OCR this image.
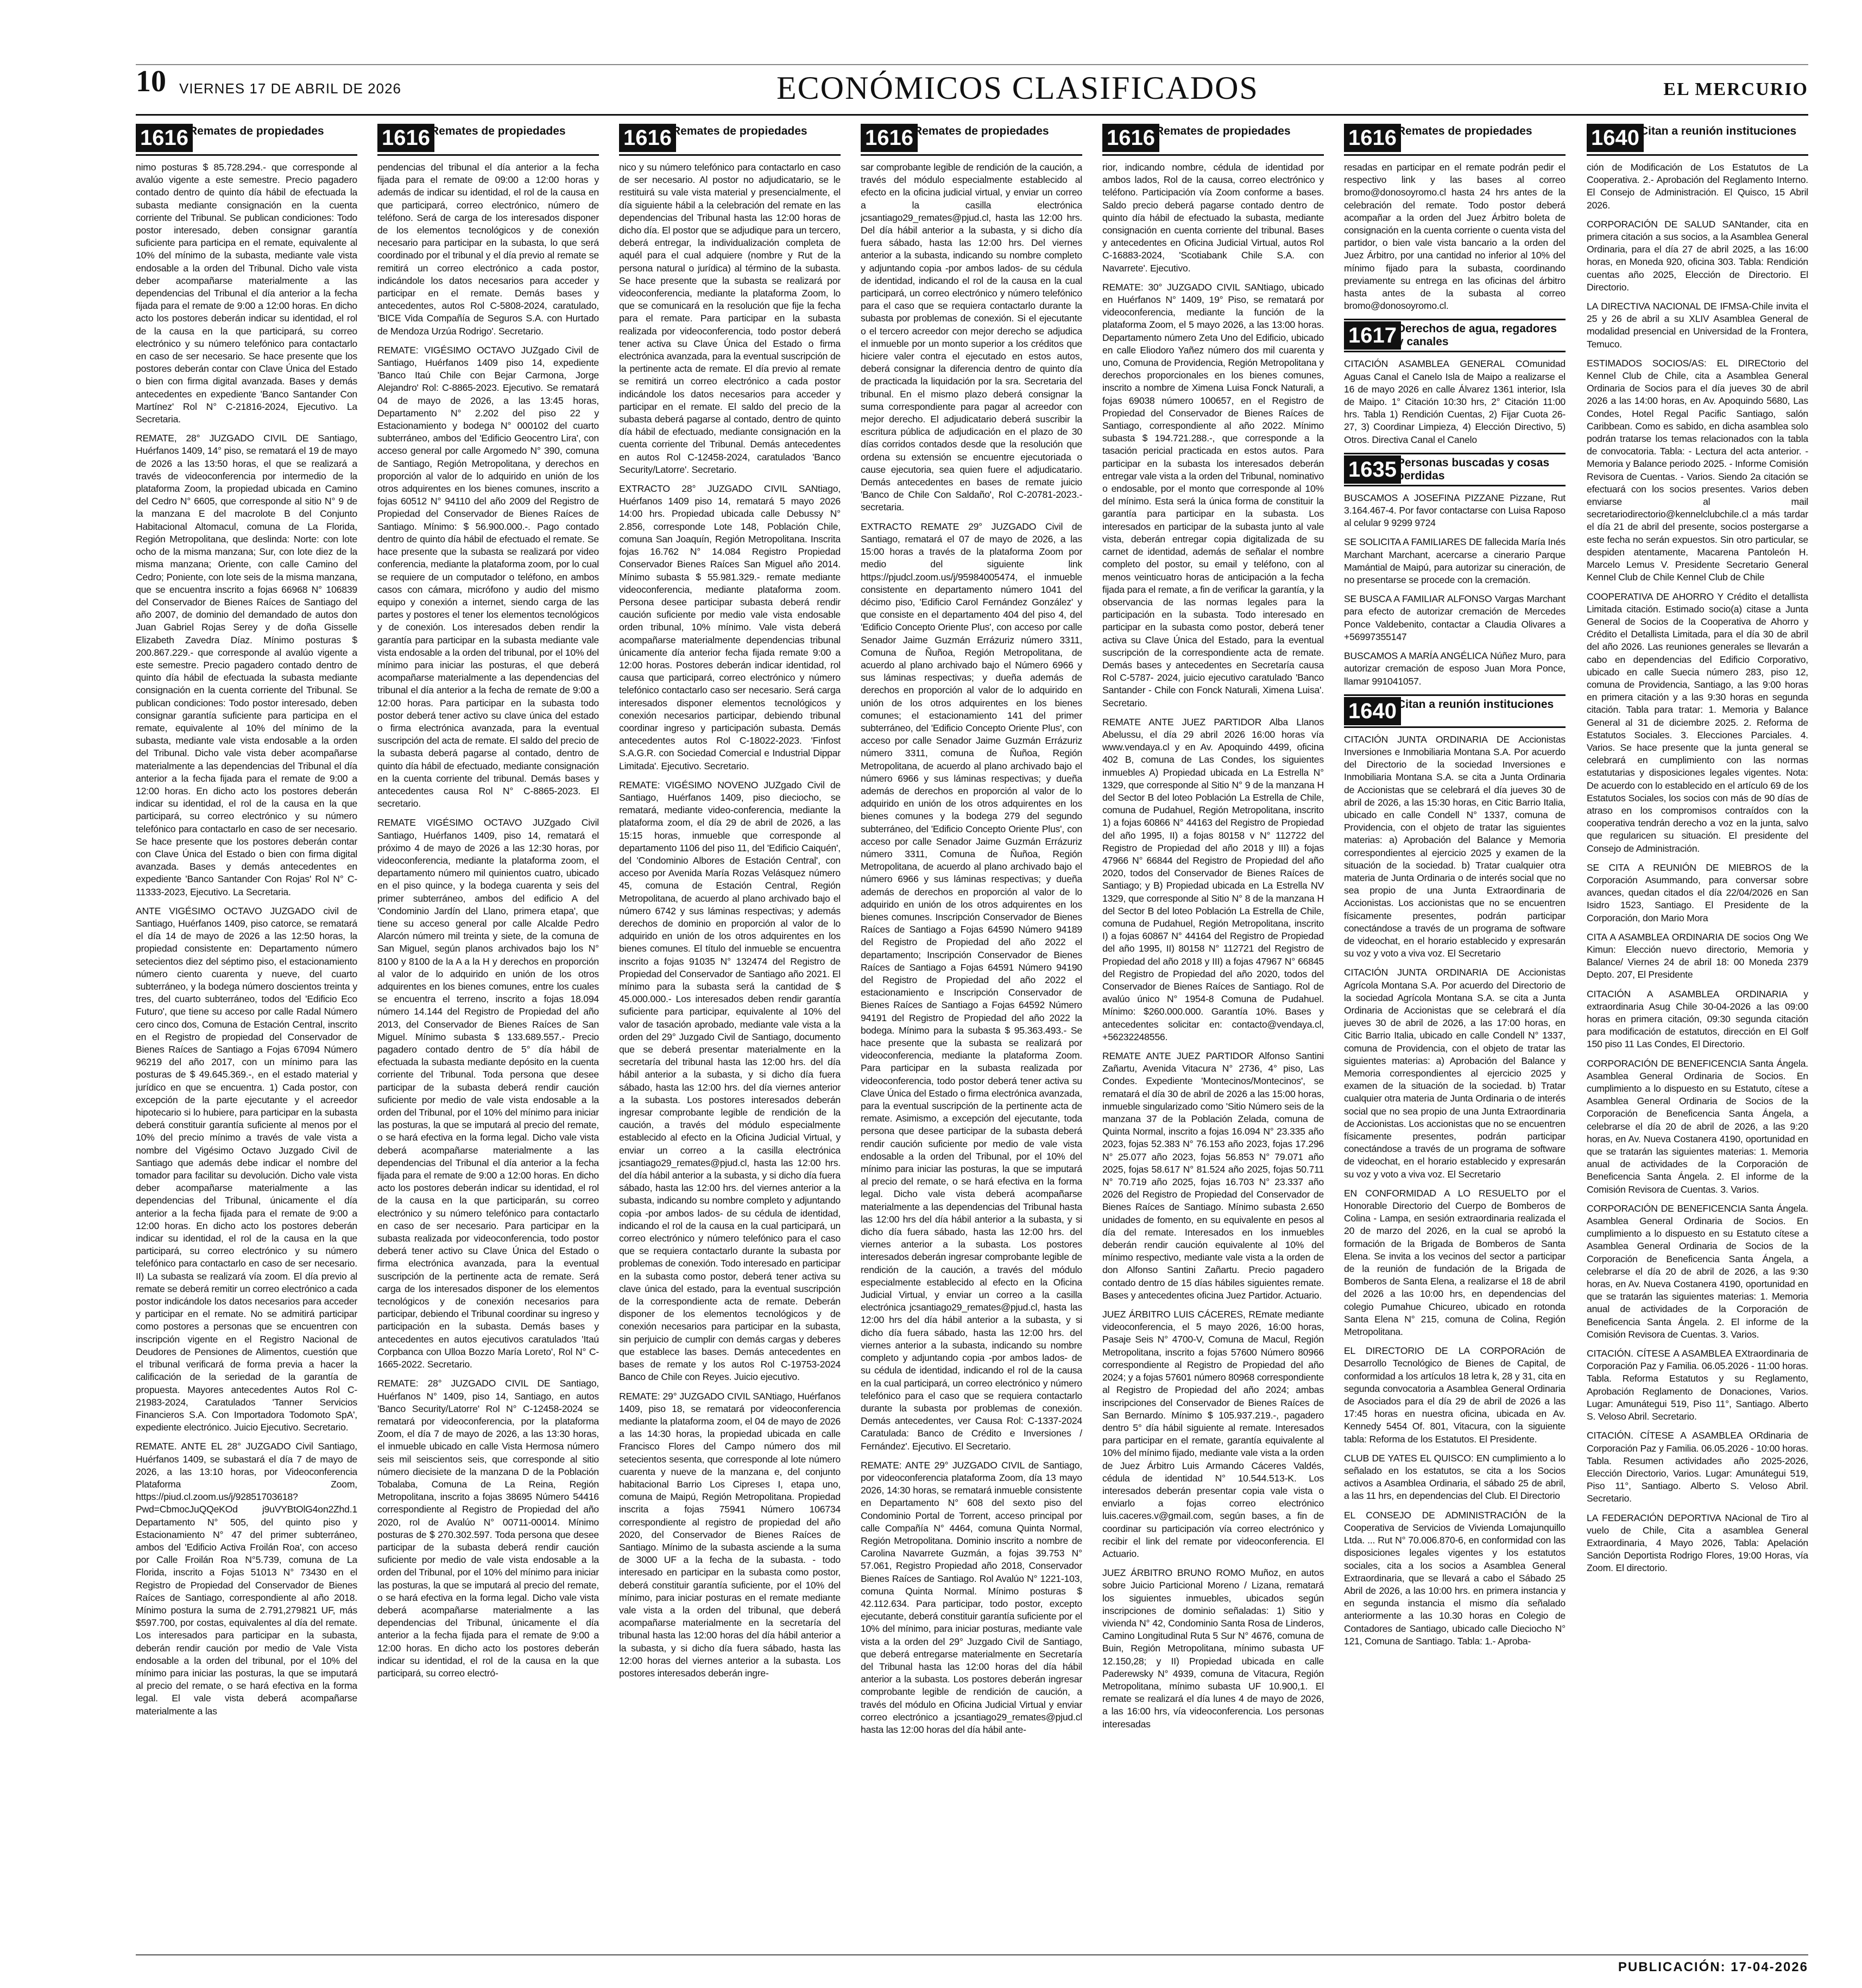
10 VIERNES 17 DE ABRIL DE 2026	ECONÓMICOS CLASIFICADOS	EL MERCURIO
1616 Remates de propiedades

nimo posturas $ 85.728.294.- que corresponde al avalúo vigente a este semestre. Precio pagadero contado dentro de quinto día hábil de efectuada la subasta mediante consignación en la cuenta corriente del Tribunal. Se publican condiciones: Todo postor interesado, deben consignar garantía suficiente para participa en el remate, equivalente al 10% del mínimo de la subasta, mediante vale vista endosable a la orden del Tribunal. Dicho vale vista deber acompañarse materialmente a las dependencias del Tribunal el día anterior a la fecha fijada para el remate de 9:00 a 12:00 horas. En dicho acto los postores deberán indicar su identidad, el rol de la causa en la que participará, su correo electrónico y su número telefónico para contactarlo en caso de ser necesario. Se hace presente que los postores deberán contar con Clave Única del Estado o bien con firma digital avanzada. Bases y demás antecedentes en expediente 'Banco Santander Con Martínez' Rol N° C-21816-2024, Ejecutivo. La Secretaria.

REMATE, 28° JUZGADO CIVIL DE Santiago, Huérfanos 1409, 14° piso, se rematará el 19 de mayo de 2026 a las 13:50 horas, el que se realizará a través de videoconferencia por intermedio de la plataforma Zoom, la propiedad ubicada en Camino del Cedro N° 6605, que corresponde al sitio N° 9 de la manzana E del macrolote B del Conjunto Habitacional Altomacul, comuna de La Florida, Región Metropolitana, que deslinda: Norte: con lote ocho de la misma manzana; Sur, con lote diez de la misma manzana; Oriente, con calle Camino del Cedro; Poniente, con lote seis de la misma manzana, que se encuentra inscrito a fojas 66968 N° 106839 del Conservador de Bienes Raíces de Santiago del año 2007, de dominio del demandado de autos don Juan Gabriel Rojas Serey y de doña Gisselle Elizabeth Zavedra Díaz. Mínimo posturas $ 200.867.229.- que corresponde al avalúo vigente a este semestre. Precio pagadero contado dentro de quinto día hábil de efectuada la subasta mediante consignación en la cuenta corriente del Tribunal. Se publican condiciones: Todo postor interesado, deben consignar garantía suficiente para participa en el remate, equivalente al 10% del mínimo de la subasta, mediante vale vista endosable a la orden del Tribunal. Dicho vale vista deber acompañarse materialmente a las dependencias del Tribunal el día anterior a la fecha fijada para el remate de 9:00 a 12:00 horas. En dicho acto los postores deberán indicar su identidad, el rol de la causa en la que participará, su correo electrónico y su número telefónico para contactarlo en caso de ser necesario. Se hace presente que los postores deberán contar con Clave Única del Estado o bien con firma digital avanzada. Bases y demás antecedentes en expediente 'Banco Santander Con Rojas' Rol N° C-11333-2023, Ejecutivo. La Secretaria.

ANTE VIGÉSIMO OCTAVO JUZGADO civil de Santiago, Huérfanos 1409, piso catorce, se rematará el día 14 de mayo de 2026 a las 12:50 horas, la propiedad consistente en: Departamento número setecientos diez del séptimo piso, el estacionamiento número ciento cuarenta y nueve, del cuarto subterráneo, y la bodega número doscientos treinta y tres, del cuarto subterráneo, todos del 'Edificio Eco Futuro', que tiene su acceso por calle Radal Número cero cinco dos, Comuna de Estación Central, inscrito en el Registro de propiedad del Conservador de Bienes Raíces de Santiago a Fojas 67094 Número 96219 del año 2017, con un mínimo para las posturas de $ 49.645.369.-, en el estado material y jurídico en que se encuentra. 1) Cada postor, con excepción de la parte ejecutante y el acreedor hipotecario si lo hubiere, para participar en la subasta deberá constituir garantía suficiente al menos por el 10% del precio mínimo a través de vale vista a nombre del Vigésimo Octavo Juzgado Civil de Santiago que además debe indicar el nombre del tomador para facilitar su devolución. Dicho vale vista deber acompañarse materialmente a las dependencias del Tribunal, únicamente el día anterior a la fecha fijada para el remate de 9:00 a 12:00 horas. En dicho acto los postores deberán indicar su identidad, el rol de la causa en la que participará, su correo electrónico y su número telefónico para contactarlo en caso de ser necesario. II) La subasta se realizará vía zoom. El día previo al remate se deberá remitir un correo electrónico a cada postor indicándole los datos necesarios para acceder y participar en el remate. No se admitirá participar como postores a personas que se encuentren con inscripción vigente en el Registro Nacional de Deudores de Pensiones de Alimentos, cuestión que el tribunal verificará de forma previa a hacer la calificación de la seriedad de la garantía de propuesta. Mayores antecedentes Autos Rol C-21983-2024, Caratulados 'Tanner Servicios Financieros S.A. Con Importadora Todomoto SpA', expediente electrónico. Juicio Ejecutivo. Secretario.

REMATE. ANTE EL 28° JUZGADO Civil Santiago, Huérfanos 1409, se subastará el día 7 de mayo de 2026, a las 13:10 horas, por Videoconferencia Plataforma Zoom, https://piud.cl.zoom.us/j/92851703618? Pwd=CbmocJuQQeKOd j9uVYBtOlG4on2Zhd.1 Departamento N° 505, del quinto piso y Estacionamiento N° 47 del primer subterráneo, ambos del 'Edificio Activa Froilán Roa', con acceso por Calle Froilán Roa N°5.739, comuna de La Florida, inscrito a Fojas 51013 N° 73430 en el Registro de Propiedad del Conservador de Bienes Raíces de Santiago, correspondiente al año 2018. Mínimo postura la suma de 2.791,279821 UF, más $597.700, por costas, equivalentes al día del remate. Los interesados para participar en la subasta, deberán rendir caución por medio de Vale Vista endosable a la orden del tribunal, por el 10% del mínimo para iniciar las posturas, la que se imputará al precio del remate, o se hará efectiva en la forma legal. El vale vista deberá acompañarse materialmente a las

1616 Remates de propiedades

pendencias del tribunal el día anterior a la fecha fijada para el remate de 09:00 a 12:00 horas y además de indicar su identidad, el rol de la causa en que participará, correo electrónico, número de teléfono. Será de carga de los interesados disponer de los elementos tecnológicos y de conexión necesario para participar en la subasta, lo que será coordinado por el tribunal y el día previo al remate se remitirá un correo electrónico a cada postor, indicándole los datos necesarios para acceder y participar en el remate. Demás bases y antecedentes, autos Rol C-5808-2024, caratulado, 'BICE Vida Compañía de Seguros S.A. con Hurtado de Mendoza Urzúa Rodrigo'. Secretario.

REMATE: VIGÉSIMO OCTAVO JUZgado Civil de Santiago, Huérfanos 1409 piso 14, expediente 'Banco Itaú Chile con Bejar Carmona, Jorge Alejandro' Rol: C-8865-2023. Ejecutivo. Se rematará 04 de mayo de 2026, a las 13:45 horas, Departamento N° 2.202 del piso 22 y Estacionamiento y bodega N° 000102 del cuarto subterráneo, ambos del 'Edificio Geocentro Lira', con acceso general por calle Argomedo N° 390, comuna de Santiago, Región Metropolitana, y derechos en proporción al valor de lo adquirido en unión de los otros adquirentes en los bienes comunes, inscrito a fojas 60512 N° 94110 del año 2009 del Registro de Propiedad del Conservador de Bienes Raíces de Santiago. Mínimo: $ 56.900.000.-. Pago contado dentro de quinto día hábil de efectuado el remate. Se hace presente que la subasta se realizará por video conferencia, mediante la plataforma zoom, por lo cual se requiere de un computador o teléfono, en ambos casos con cámara, micrófono y audio del mismo equipo y conexión a internet, siendo carga de las partes y postores el tener los elementos tecnológicos y de conexión. Los interesados deben rendir la garantía para participar en la subasta mediante vale vista endosable a la orden del tribunal, por el 10% del mínimo para iniciar las posturas, el que deberá acompañarse materialmente a las dependencias del tribunal el día anterior a la fecha de remate de 9:00 a 12:00 horas. Para participar en la subasta todo postor deberá tener activo su clave única del estado o firma electrónica avanzada, para la eventual suscripción del acta de remate. El saldo del precio de la subasta deberá pagarse al contado, dentro de quinto día hábil de efectuado, mediante consignación en la cuenta corriente del tribunal. Demás bases y antecedentes causa Rol N° C-8865-2023. El secretario.

REMATE VIGÉSIMO OCTAVO JUZgado Civil Santiago, Huérfanos 1409, piso 14, rematará el próximo 4 de mayo de 2026 a las 12:30 horas, por videoconferencia, mediante la plataforma zoom, el departamento número mil quinientos cuatro, ubicado en el piso quince, y la bodega cuarenta y seis del primer subterráneo, ambos del edificio A del 'Condominio Jardín del Llano, primera etapa', que tiene su acceso general por calle Alcalde Pedro Alarcón número mil treinta y siete, de la comuna de San Miguel, según planos archivados bajo los N° 8100 y 8100 de la A a la H y derechos en proporción al valor de lo adquirido en unión de los otros adquirentes en los bienes comunes, entre los cuales se encuentra el terreno, inscrito a fojas 18.094 número 14.144 del Registro de Propiedad del año 2013, del Conservador de Bienes Raíces de San Miguel. Mínimo subasta $ 133.689.557.- Precio pagadero contado dentro de 5° día hábil de efectuada la subasta mediante depósito en la cuenta corriente del Tribunal. Toda persona que desee participar de la subasta deberá rendir caución suficiente por medio de vale vista endosable a la orden del Tribunal, por el 10% del mínimo para iniciar las posturas, la que se imputará al precio del remate, o se hará efectiva en la forma legal. Dicho vale vista deberá acompañarse materialmente a las dependencias del Tribunal el día anterior a la fecha fijada para el remate de 9:00 a 12:00 horas. En dicho acto los postores deberán indicar su identidad, el rol de la causa en la que participarán, su correo electrónico y su número telefónico para contactarlo en caso de ser necesario. Para participar en la subasta realizada por videoconferencia, todo postor deberá tener activo su Clave Única del Estado o firma electrónica avanzada, para la eventual suscripción de la pertinente acta de remate. Será carga de los interesados disponer de los elementos tecnológicos y de conexión necesarios para participar, debiendo el Tribunal coordinar su ingreso y participación en la subasta. Demás bases y antecedentes en autos ejecutivos caratulados 'Itaú Corpbanca con Ulloa Bozzo María Loreto', Rol N° C-1665-2022. Secretario.

REMATE: 28° JUZGADO CIVIL DE Santiago, Huérfanos N° 1409, piso 14, Santiago, en autos 'Banco Security/Latorre' Rol N° C-12458-2024 se rematará por videoconferencia, por la plataforma Zoom, el día 7 de mayo de 2026, a las 13:30 horas, el inmueble ubicado en calle Vista Hermosa número seis mil seiscientos seis, que corresponde al sitio número diecisiete de la manzana D de la Población Tobalaba, Comuna de La Reina, Región Metropolitana, inscrito a fojas 38695 Número 54416 correspondiente al Registro de Propiedad del año 2020, rol de Avalúo N° 00711-00014. Mínimo posturas de $ 270.302.597. Toda persona que desee participar de la subasta deberá rendir caución suficiente por medio de vale vista endosable a la orden del Tribunal, por el 10% del mínimo para iniciar las posturas, la que se imputará al precio del remate, o se hará efectiva en la forma legal. Dicho vale vista deberá acompañarse materialmente a las dependencias del Tribunal, únicamente el día anterior a la fecha fijada para el remate de 9:00 a 12:00 horas. En dicho acto los postores deberán indicar su identidad, el rol de la causa en la que participará, su correo electró-

1616 Remates de propiedades

nico y su número telefónico para contactarlo en caso de ser necesario. Al postor no adjudicatario, se le restituirá su vale vista material y presencialmente, el día siguiente hábil a la celebración del remate en las dependencias del Tribunal hasta las 12:00 horas de dicho día. El postor que se adjudique para un tercero, deberá entregar, la individualización completa de aquél para el cual adquiere (nombre y Rut de la persona natural o jurídica) al término de la subasta. Se hace presente que la subasta se realizará por videoconferencia, mediante la plataforma Zoom, lo que se comunicará en la resolución que fije la fecha para el remate. Para participar en la subasta realizada por videoconferencia, todo postor deberá tener activa su Clave Única del Estado o firma electrónica avanzada, para la eventual suscripción de la pertinente acta de remate. El día previo al remate se remitirá un correo electrónico a cada postor indicándole los datos necesarios para acceder y participar en el remate. El saldo del precio de la subasta deberá pagarse al contado, dentro de quinto día hábil de efectuado, mediante consignación en la cuenta corriente del Tribunal. Demás antecedentes en autos Rol C-12458-2024, caratulados 'Banco Security/Latorre'. Secretario.

EXTRACTO 28° JUZGADO CIVIL SANtiago, Huérfanos 1409 piso 14, rematará 5 mayo 2026 14:00 hrs. Propiedad ubicada calle Debussy N° 2.856, corresponde Lote 148, Población Chile, comuna San Joaquín, Región Metropolitana. Inscrita fojas 16.762 N° 14.084 Registro Propiedad Conservador Bienes Raíces San Miguel año 2014. Mínimo subasta $ 55.981.329.- remate mediante videoconferencia, mediante plataforma zoom. Persona desee participar subasta deberá rendir caución suficiente por medio vale vista endosable orden tribunal, 10% mínimo. Vale vista deberá acompañarse materialmente dependencias tribunal únicamente día anterior fecha fijada remate 9:00 a 12:00 horas. Postores deberán indicar identidad, rol causa que participará, correo electrónico y número telefónico contactarlo caso ser necesario. Será carga interesados disponer elementos tecnológicos y conexión necesarios participar, debiendo tribunal coordinar ingreso y participación subasta. Demás antecedentes autos Rol C-18022-2023. 'Finfost S.A.G.R. con Sociedad Comercial e Industrial Dippar Limitada'. Ejecutivo. Secretario.

REMATE: VIGÉSIMO NOVENO JUZgado Civil de Santiago, Huérfanos 1409, piso dieciocho, se rematará, mediante video-conferencia, mediante la plataforma zoom, el día 29 de abril de 2026, a las 15:15 horas, inmueble que corresponde al departamento 1106 del piso 11, del 'Edificio Caiquén', del 'Condominio Albores de Estación Central', con acceso por Avenida María Rozas Velásquez número 45, comuna de Estación Central, Región Metropolitana, de acuerdo al plano archivado bajo el número 6742 y sus láminas respectivas; y además derechos de dominio en proporción al valor de lo adquirido en unión de los otros adquirentes en los bienes comunes. El título del inmueble se encuentra inscrito a fojas 91035 N° 132474 del Registro de Propiedad del Conservador de Santiago año 2021. El mínimo para la subasta será la cantidad de $ 45.000.000.- Los interesados deben rendir garantía suficiente para participar, equivalente al 10% del valor de tasación aprobado, mediante vale vista a la orden del 29° Juzgado Civil de Santiago, documento que se deberá presentar materialmente en la secretaría del tribunal hasta las 12:00 hrs. del día hábil anterior a la subasta, y si dicho día fuera sábado, hasta las 12:00 hrs. del día viernes anterior a la subasta. Los postores interesados deberán ingresar comprobante legible de rendición de la caución, a través del módulo especialmente establecido al efecto en la Oficina Judicial Virtual, y enviar un correo a la casilla electrónica jcsantiago29_remates@pjud.cl, hasta las 12:00 hrs. del día hábil anterior a la subasta, y si dicho día fuera sábado, hasta las 12:00 hrs. del viernes anterior a la subasta, indicando su nombre completo y adjuntando copia -por ambos lados- de su cédula de identidad, indicando el rol de la causa en la cual participará, un correo electrónico y número telefónico para el caso que se requiera contactarlo durante la subasta por problemas de conexión. Todo interesado en participar en la subasta como postor, deberá tener activa su clave única del estado, para la eventual suscripción de la correspondiente acta de remate. Deberán disponer de los elementos tecnológicos y de conexión necesarios para participar en la subasta, sin perjuicio de cumplir con demás cargas y deberes que establece las bases. Demás antecedentes en bases de remate y los autos Rol C-19753-2024 Banco de Chile con Reyes. Juicio ejecutivo.

REMATE: 29° JUZGADO CIVIL SANtiago, Huérfanos 1409, piso 18, se rematará por videoconferencia mediante la plataforma zoom, el 04 de mayo de 2026 a las 14:30 horas, la propiedad ubicada en calle Francisco Flores del Campo número dos mil setecientos sesenta, que corresponde al lote número cuarenta y nueve de la manzana e, del conjunto habitacional Barrio Los Cipreses I, etapa uno, comuna de Maipú, Región Metropolitana. Propiedad inscrita a fojas 75941 Número 106734 correspondiente al registro de propiedad del año 2020, del Conservador de Bienes Raíces de Santiago. Mínimo de la subasta asciende a la suma de 3000 UF a la fecha de la subasta. - todo interesado en participar en la subasta como postor, deberá constituir garantía suficiente, por el 10% del mínimo, para iniciar posturas en el remate mediante vale vista a la orden del tribunal, que deberá acompañarse materialmente en la secretaría del tribunal hasta las 12:00 horas del día hábil anterior a la subasta, y si dicho día fuera sábado, hasta las 12:00 horas del viernes anterior a la subasta. Los postores interesados deberán ingre-

1616 Remates de propiedades

sar comprobante legible de rendición de la caución, a través del módulo especialmente establecido al efecto en la oficina judicial virtual, y enviar un correo a la casilla electrónica jcsantiago29_remates@pjud.cl, hasta las 12:00 hrs. Del día hábil anterior a la subasta, y si dicho día fuera sábado, hasta las 12:00 hrs. Del viernes anterior a la subasta, indicando su nombre completo y adjuntando copia -por ambos lados- de su cédula de identidad, indicando el rol de la causa en la cual participará, un correo electrónico y número telefónico para el caso que se requiera contactarlo durante la subasta por problemas de conexión. Si el ejecutante o el tercero acreedor con mejor derecho se adjudica el inmueble por un monto superior a los créditos que hiciere valer contra el ejecutado en estos autos, deberá consignar la diferencia dentro de quinto día de practicada la liquidación por la sra. Secretaria del tribunal. En el mismo plazo deberá consignar la suma correspondiente para pagar al acreedor con mejor derecho. El adjudicatario deberá suscribir la escritura pública de adjudicación en el plazo de 30 días corridos contados desde que la resolución que ordena su extensión se encuentre ejecutoriada o cause ejecutoria, sea quien fuere el adjudicatario. Demás antecedentes en bases de remate juicio 'Banco de Chile Con Saldaño', Rol C-20781-2023.- secretaria.

EXTRACTO REMATE 29° JUZGADO Civil de Santiago, rematará el 07 de mayo de 2026, a las 15:00 horas a través de la plataforma Zoom por medio del siguiente link https://pjudcl.zoom.us/j/95984005474, el inmueble consistente en departamento número 1041 del décimo piso, 'Edificio Carol Fernández González' y que consiste en el departamento 404 del piso 4, del 'Edificio Concepto Oriente Plus', con acceso por calle Senador Jaime Guzmán Errázuriz número 3311, Comuna de Ñuñoa, Región Metropolitana, de acuerdo al plano archivado bajo el Número 6966 y sus láminas respectivas; y dueña además de derechos en proporción al valor de lo adquirido en unión de los otros adquirentes en los bienes comunes; el estacionamiento 141 del primer subterráneo, del 'Edificio Concepto Oriente Plus', con acceso por calle Senador Jaime Guzmán Errázuriz número 3311, comuna de Ñuñoa, Región Metropolitana, de acuerdo al plano archivado bajo el número 6966 y sus láminas respectivas; y dueña además de derechos en proporción al valor de lo adquirido en unión de los otros adquirentes en los bienes comunes y la bodega 279 del segundo subterráneo, del 'Edificio Concepto Oriente Plus', con acceso por calle Senador Jaime Guzmán Errázuriz número 3311, Comuna de Ñuñoa, Región Metropolitana, de acuerdo al plano archivado bajo el número 6966 y sus láminas respectivas; y dueña además de derechos en proporción al valor de lo adquirido en unión de los otros adquirentes en los bienes comunes. Inscripción Conservador de Bienes Raíces de Santiago a Fojas 64590 Número 94189 del Registro de Propiedad del año 2022 el departamento; Inscripción Conservador de Bienes Raíces de Santiago a Fojas 64591 Número 94190 del Registro de Propiedad del año 2022 el estacionamiento e Inscripción Conservador de Bienes Raíces de Santiago a Fojas 64592 Número 94191 del Registro de Propiedad del año 2022 la bodega. Mínimo para la subasta $ 95.363.493.- Se hace presente que la subasta se realizará por videoconferencia, mediante la plataforma Zoom. Para participar en la subasta realizada por videoconferencia, todo postor deberá tener activa su Clave Única del Estado o firma electrónica avanzada, para la eventual suscripción de la pertinente acta de remate. Asimismo, a excepción del ejecutante, toda persona que desee participar de la subasta deberá rendir caución suficiente por medio de vale vista endosable a la orden del Tribunal, por el 10% del mínimo para iniciar las posturas, la que se imputará al precio del remate, o se hará efectiva en la forma legal. Dicho vale vista deberá acompañarse materialmente a las dependencias del Tribunal hasta las 12:00 hrs del día hábil anterior a la subasta, y si dicho día fuera sábado, hasta las 12:00 hrs. del viernes anterior a la subasta. Los postores interesados deberán ingresar comprobante legible de rendición de la caución, a través del módulo especialmente establecido al efecto en la Oficina Judicial Virtual, y enviar un correo a la casilla electrónica jcsantiago29_remates@pjud.cl, hasta las 12:00 hrs del día hábil anterior a la subasta, y si dicho día fuera sábado, hasta las 12:00 hrs. del viernes anterior a la subasta, indicando su nombre completo y adjuntando copia -por ambos lados- de su cédula de identidad, indicando el rol de la causa en la cual participará, un correo electrónico y número telefónico para el caso que se requiera contactarlo durante la subasta por problemas de conexión. Demás antecedentes, ver Causa Rol: C-1337-2024 Caratulada: Banco de Crédito e Inversiones / Fernández'. Ejecutivo. El Secretario.

REMATE: ANTE 29° JUZGADO CIVIL de Santiago, por videoconferencia plataforma Zoom, día 13 mayo 2026, 14:30 horas, se rematará inmueble consistente en Departamento N° 608 del sexto piso del Condominio Portal de Torrent, acceso principal por calle Compañía N° 4464, comuna Quinta Normal, Región Metropolitana. Dominio inscrito a nombre de Carolina Navarrete Guzmán, a fojas 39.753 N° 57.061, Registro Propiedad año 2018, Conservador Bienes Raíces de Santiago. Rol Avalúo N° 1221-103, comuna Quinta Normal. Mínimo posturas $ 42.112.634. Para participar, todo postor, excepto ejecutante, deberá constituir garantía suficiente por el 10% del mínimo, para iniciar posturas, mediante vale vista a la orden del 29° Juzgado Civil de Santiago, que deberá entregarse materialmente en Secretaría del Tribunal hasta las 12:00 horas del día hábil anterior a la subasta. Los postores deberán ingresar comprobante legible de rendición de caución, a través del módulo en Oficina Judicial Virtual y enviar correo electrónico a jcsantiago29_remates@pjud.cl hasta las 12:00 horas del día hábil ante-

1616 Remates de propiedades

rior, indicando nombre, cédula de identidad por ambos lados, Rol de la causa, correo electrónico y teléfono. Participación vía Zoom conforme a bases. Saldo precio deberá pagarse contado dentro de quinto día hábil de efectuado la subasta, mediante consignación en cuenta corriente del tribunal. Bases y antecedentes en Oficina Judicial Virtual, autos Rol C-16883-2024, 'Scotiabank Chile S.A. con Navarrete'. Ejecutivo.

REMATE: 30° JUZGADO CIVIL SANtiago, ubicado en Huérfanos N° 1409, 19° Piso, se rematará por videoconferencia, mediante la función de la plataforma Zoom, el 5 mayo 2026, a las 13:00 horas. Departamento número Zeta Uno del Edificio, ubicado en calle Eliodoro Yañez número dos mil cuarenta y uno, Comuna de Providencia, Región Metropolitana y derechos proporcionales en los bienes comunes, inscrito a nombre de Ximena Luisa Fonck Naturali, a fojas 69038 número 100657, en el Registro de Propiedad del Conservador de Bienes Raíces de Santiago, correspondiente al año 2022. Mínimo subasta $ 194.721.288.-, que corresponde a la tasación pericial practicada en estos autos. Para participar en la subasta los interesados deberán entregar vale vista a la orden del Tribunal, nominativo o endosable, por el monto que corresponde al 10% del mínimo. Esta será la única forma de constituir la garantía para participar en la subasta. Los interesados en participar de la subasta junto al vale vista, deberán entregar copia digitalizada de su carnet de identidad, además de señalar el nombre completo del postor, su email y teléfono, con al menos veinticuatro horas de anticipación a la fecha fijada para el remate, a fin de verificar la garantía, y la observancia de las normas legales para la participación en la subasta. Todo interesado en participar en la subasta como postor, deberá tener activa su Clave Única del Estado, para la eventual suscripción de la correspondiente acta de remate. Demás bases y antecedentes en Secretaría causa Rol C-5787- 2024, juicio ejecutivo caratulado 'Banco Santander - Chile con Fonck Naturali, Ximena Luisa'. Secretario.

REMATE ANTE JUEZ PARTIDOR Alba Llanos Abelussu, el día 29 abril 2026 16:00 horas vía www.vendaya.cl y en Av. Apoquindo 4499, oficina 402 B, comuna de Las Condes, los siguientes inmuebles A) Propiedad ubicada en La Estrella N° 1329, que corresponde al Sitio N° 9 de la manzana H del Sector B del loteo Población La Estrella de Chile, comuna de Pudahuel, Región Metropolitana, inscrito 1) a fojas 60866 N° 44163 del Registro de Propiedad del año 1995, II) a fojas 80158 v N° 112722 del Registro de Propiedad del año 2018 y III) a fojas 47966 N° 66844 del Registro de Propiedad del año 2020, todos del Conservador de Bienes Raíces de Santiago; y B) Propiedad ubicada en La Estrella NV 1329, que corresponde al Sitio N° 8 de la manzana H del Sector B del loteo Población La Estrella de Chile, comuna de Pudahuel, Región Metropolitana, inscrito I) a fojas 60867 N° 44164 del Registro de Propiedad del año 1995, II) 80158 N° 112721 del Registro de Propiedad del año 2018 y III) a fojas 47967 N° 66845 del Registro de Propiedad del año 2020, todos del Conservador de Bienes Raíces de Santiago. Rol de avalúo único N° 1954-8 Comuna de Pudahuel. Mínimo: $260.000.000. Garantía 10%. Bases y antecedentes solicitar en: contacto@vendaya.cl, +56232248556.

REMATE ANTE JUEZ PARTIDOR Alfonso Santini Zañartu, Avenida Vitacura N° 2736, 4° piso, Las Condes. Expediente 'Montecinos/Montecinos', se rematará el día 30 de abril de 2026 a las 15:00 horas, inmueble singularizado como 'Sitio Número seis de la manzana 37 de la Población Zelada, comuna de Quinta Normal, inscrito a fojas 16.094 N° 23.335 año 2023, fojas 52.383 N° 76.153 año 2023, fojas 17.296 N° 25.077 año 2023, fojas 56.853 N° 79.071 año 2025, fojas 58.617 N° 81.524 año 2025, fojas 50.711 N° 70.719 año 2025, fojas 16.703 N° 23.337 año 2026 del Registro de Propiedad del Conservador de Bienes Raíces de Santiago. Mínimo subasta 2.650 unidades de fomento, en su equivalente en pesos al día del remate. Interesados en los inmuebles deberán rendir caución equivalente al 10% del mínimo respectivo, mediante vale vista a la orden de don Alfonso Santini Zañartu. Precio pagadero contado dentro de 15 días hábiles siguientes remate. Bases y antecedentes oficina Juez Partidor. Actuario.

JUEZ ÁRBITRO LUIS CÁCERES, REmate mediante videoconferencia, el 5 mayo 2026, 16:00 horas, Pasaje Seis N° 4700-V, Comuna de Macul, Región Metropolitana, inscrito a fojas 57600 Número 80966 correspondiente al Registro de Propiedad del año 2024; y a fojas 57601 número 80968 correspondiente al Registro de Propiedad del año 2024; ambas inscripciones del Conservador de Bienes Raíces de San Bernardo. Mínimo $ 105.937.219.-, pagadero dentro 5° día hábil siguiente al remate. Interesados para participar en el remate, garantía equivalente al 10% del mínimo fijado, mediante vale vista a la orden de Juez Árbitro Luis Armando Cáceres Valdés, cédula de identidad N° 10.544.513-K. Los interesados deberán presentar copia vale vista o enviarlo a fojas correo electrónico luis.caceres.v@gmail.com, según bases, a fin de coordinar su participación vía correo electrónico y recibir el link del remate por videoconferencia. El Actuario.

JUEZ ÁRBITRO BRUNO ROMO Muñoz, en autos sobre Juicio Particional Moreno / Lizana, rematará los siguientes inmuebles, ubicados según inscripciones de dominio señaladas: 1) Sitio y vivienda N° 42, Condominio Santa Rosa de Linderos, Camino Longitudinal Ruta 5 Sur N° 4676, comuna de Buin, Región Metropolitana, mínimo subasta UF 12.150,28; y II) Propiedad ubicada en calle Paderewsky N° 4939, comuna de Vitacura, Región Metropolitana, mínimo subasta UF 10.900,1. El remate se realizará el día lunes 4 de mayo de 2026, a las 16:00 hrs, vía videoconferencia. Los personas interesadas

1616 Remates de propiedades

resadas en participar en el remate podrán pedir el respectivo link y las bases al correo bromo@donosoyromo.cl hasta 24 hrs antes de la celebración del remate. Todo postor deberá acompañar a la orden del Juez Árbitro boleta de consignación en la cuenta corriente o cuenta vista del partidor, o bien vale vista bancario a la orden del Juez Árbitro, por una cantidad no inferior al 10% del mínimo fijado para la subasta, coordinando previamente su entrega en las oficinas del árbitro hasta antes de la subasta al correo bromo@donosoyromo.cl.

1617 Derechos de agua, regadores y canales

CITACIÓN ASAMBLEA GENERAL COmunidad Aguas Canal el Canelo Isla de Maipo a realizarse el 16 de mayo 2026 en calle Álvarez 1361 interior, Isla de Maipo. 1° Citación 10:30 hrs, 2° Citación 11:00 hrs. Tabla 1) Rendición Cuentas, 2) Fijar Cuota 26-27, 3) Coordinar Limpieza, 4) Elección Directivo, 5) Otros. Directiva Canal el Canelo

1635 Personas buscadas y cosas perdidas

BUSCAMOS A JOSEFINA PIZZANE Pizzane, Rut 3.164.467-4. Por favor contactarse con Luisa Raposo al celular 9 9299 9724

SE SOLICITA A FAMILIARES DE fallecida María Inés Marchant Marchant, acercarse a cinerario Parque Mamántial de Maipú, para autorizar su cineración, de no presentarse se procede con la cremación.

SE BUSCA A FAMILIAR ALFONSO Vargas Marchant para efecto de autorizar cremación de Mercedes Ponce Valdebenito, contactar a Claudia Olivares a +56997355147

BUSCAMOS A MARÍA ANGÉLICA Núñez Muro, para autorizar cremación de esposo Juan Mora Ponce, llamar 991041057.

1640 Citan a reunión instituciones

CITACIÓN JUNTA ORDINARIA DE Accionistas Inversiones e Inmobiliaria Montana S.A. Por acuerdo del Directorio de la sociedad Inversiones e Inmobiliaria Montana S.A. se cita a Junta Ordinaria de Accionistas que se celebrará el día jueves 30 de abril de 2026, a las 15:30 horas, en Citic Barrio Italia, ubicado en calle Condell N° 1337, comuna de Providencia, con el objeto de tratar las siguientes materias: a) Aprobación del Balance y Memoria correspondientes al ejercicio 2025 y examen de la situación de la sociedad. b) Tratar cualquier otra materia de Junta Ordinaria o de interés social que no sea propio de una Junta Extraordinaria de Accionistas. Los accionistas que no se encuentren físicamente presentes, podrán participar conectándose a través de un programa de software de videochat, en el horario establecido y expresarán su voz y voto a viva voz. El Secretario

CITACIÓN JUNTA ORDINARIA DE Accionistas Agrícola Montana S.A. Por acuerdo del Directorio de la sociedad Agrícola Montana S.A. se cita a Junta Ordinaria de Accionistas que se celebrará el día jueves 30 de abril de 2026, a las 17:00 horas, en Citic Barrio Italia, ubicado en calle Condell N° 1337, comuna de Providencia, con el objeto de tratar las siguientes materias: a) Aprobación del Balance y Memoria correspondientes al ejercicio 2025 y examen de la situación de la sociedad. b) Tratar cualquier otra materia de Junta Ordinaria o de interés social que no sea propio de una Junta Extraordinaria de Accionistas. Los accionistas que no se encuentren físicamente presentes, podrán participar conectándose a través de un programa de software de videochat, en el horario establecido y expresarán su voz y voto a viva voz. El Secretario

EN CONFORMIDAD A LO RESUELTO por el Honorable Directorio del Cuerpo de Bomberos de Colina - Lampa, en sesión extraordinaria realizada el 20 de marzo del 2026, en la cual se aprobó la formación de la Brigada de Bomberos de Santa Elena. Se invita a los vecinos del sector a participar de la reunión de fundación de la Brigada de Bomberos de Santa Elena, a realizarse el 18 de abril del 2026 a las 10:00 hrs, en dependencias del colegio Pumahue Chicureo, ubicado en rotonda Santa Elena N° 215, comuna de Colina, Región Metropolitana.

EL DIRECTORIO DE LA CORPORAción de Desarrollo Tecnológico de Bienes de Capital, de conformidad a los artículos 18 letra k, 28 y 31, cita en segunda convocatoria a Asamblea General Ordinaria de Asociados para el día 29 de abril de 2026 a las 17:45 horas en nuestra oficina, ubicada en Av. Kennedy 5454 Of. 801, Vitacura, con la siguiente tabla: Reforma de los Estatutos. El Presidente.

CLUB DE YATES EL QUISCO: EN cumplimiento a lo señalado en los estatutos, se cita a los Socios activos a Asamblea Ordinaria, el sábado 25 de abril, a las 11 hrs, en dependencias del Club. El Directorio

EL CONSEJO DE ADMINISTRACIÓN de la Cooperativa de Servicios de Vivienda Lomajunquillo Ltda. ... Rut N° 70.006.870-6, en conformidad con las disposiciones legales vigentes y los estatutos sociales, cita a los socios a Asamblea General Extraordinaria, que se llevará a cabo el Sábado 25 Abril de 2026, a las 10:00 hrs. en primera instancia y en segunda instancia el mismo día señalado anteriormente a las 10.30 horas en Colegio de Contadores de Santiago, ubicado calle Dieciocho N° 121, Comuna de Santiago. Tabla: 1.- Aproba-

1640 Citan a reunión instituciones

ción de Modificación de Los Estatutos de La Cooperativa. 2.- Aprobación del Reglamento Interno. El Consejo de Administración. El Quisco, 15 Abril 2026.

CORPORACIÓN DE SALUD SANtander, cita en primera citación a sus socios, a la Asamblea General Ordinaria, para el día 27 de abril 2025, a las 16:00 horas, en Moneda 920, oficina 303. Tabla: Rendición cuentas año 2025, Elección de Directorio. El Directorio.

LA DIRECTIVA NACIONAL DE IFMSA-Chile invita el 25 y 26 de abril a su XLIV Asamblea General de modalidad presencial en Universidad de la Frontera, Temuco.

ESTIMADOS SOCIOS/AS: EL DIRECtorio del Kennel Club de Chile, cita a Asamblea General Ordinaria de Socios para el día jueves 30 de abril 2026 a las 14:00 horas, en Av. Apoquindo 5680, Las Condes, Hotel Regal Pacific Santiago, salón Caribbean. Como es sabido, en dicha asamblea solo podrán tratarse los temas relacionados con la tabla de convocatoria. Tabla: - Lectura del acta anterior. - Memoria y Balance periodo 2025. - Informe Comisión Revisora de Cuentas. - Varios. Siendo 2a citación se efectuará con los socios presentes. Varios deben enviarse al mail secretariodirectorio@kennelclubchile.cl a más tardar el día 21 de abril del presente, socios postergarse a este fecha no serán expuestos. Sin otro particular, se despiden atentamente, Macarena Pantoleón H. Marcelo Lemus V. Presidente Secretario General Kennel Club de Chile Kennel Club de Chile

COOPERATIVA DE AHORRO Y Crédito el detallista Limitada citación. Estimado socio(a) citase a Junta General de Socios de la Cooperativa de Ahorro y Crédito el Detallista Limitada, para el día 30 de abril del año 2026. Las reuniones generales se llevarán a cabo en dependencias del Edificio Corporativo, ubicado en calle Suecia número 283, piso 12, comuna de Providencia, Santiago, a las 9:00 horas en primera citación y a las 9:30 horas en segunda citación. Tabla para tratar: 1. Memoria y Balance General al 31 de diciembre 2025. 2. Reforma de Estatutos Sociales. 3. Elecciones Parciales. 4. Varios. Se hace presente que la junta general se celebrará en cumplimiento con las normas estatutarias y disposiciones legales vigentes. Nota: De acuerdo con lo establecido en el artículo 69 de los Estatutos Sociales, los socios con más de 90 días de atraso en los compromisos contraídos con la cooperativa tendrán derecho a voz en la junta, salvo que regularicen su situación. El presidente del Consejo de Administración.

SE CITA A REUNIÓN DE MIEBROS de la Corporación Asummando, para conversar sobre avances, quedan citados el día 22/04/2026 en San Isidro 1523, Santiago. El Presidente de la Corporación, don Mario Mora

CITA A ASAMBLEA ORDINARIA DE socios Ong We Kimun: Elección nuevo directorio, Memoria y Balance/ Viernes 24 de abril 18: 00 Moneda 2379 Depto. 207, El Presidente

CITACIÓN A ASAMBLEA ORDINARIA y extraordinaria Asug Chile 30-04-2026 a las 09:00 horas en primera citación, 09:30 segunda citación para modificación de estatutos, dirección en El Golf 150 piso 11 Las Condes, El Directorio.

CORPORACIÓN DE BENEFICENCIA Santa Ángela. Asamblea General Ordinaria de Socios. En cumplimiento a lo dispuesto en su Estatuto, cítese a Asamblea General Ordinaria de Socios de la Corporación de Beneficencia Santa Ángela, a celebrarse el día 20 de abril de 2026, a las 9:20 horas, en Av. Nueva Costanera 4190, oportunidad en que se tratarán las siguientes materias: 1. Memoria anual de actividades de la Corporación de Beneficencia Santa Ángela. 2. El informe de la Comisión Revisora de Cuentas. 3. Varios.

CORPORACIÓN DE BENEFICENCIA Santa Ángela. Asamblea General Ordinaria de Socios. En cumplimiento a lo dispuesto en su Estatuto cítese a Asamblea General Ordinaria de Socios de la Corporación de Beneficencia Santa Ángela, a celebrarse el día 20 de abril de 2026, a las 9:30 horas, en Av. Nueva Costanera 4190, oportunidad en que se tratarán las siguientes materias: 1. Memoria anual de actividades de la Corporación de Beneficencia Santa Ángela. 2. El informe de la Comisión Revisora de Cuentas. 3. Varios.

CITACIÓN. CÍTESE A ASAMBLEA EXtraordinaria de Corporación Paz y Familia. 06.05.2026 - 11:00 horas. Tabla. Reforma Estatutos y su Reglamento, Aprobación Reglamento de Donaciones, Varios. Lugar: Amunátegui 519, Piso 11°, Santiago. Alberto S. Veloso Abril. Secretario.

CITACIÓN. CÍTESE A ASAMBLEA ORdinaria de Corporación Paz y Familia. 06.05.2026 - 10:00 horas. Tabla. Resumen actividades año 2025-2026, Elección Directorio, Varios. Lugar: Amunátegui 519, Piso 11°, Santiago. Alberto S. Veloso Abril. Secretario.

LA FEDERACIÓN DEPORTIVA NAcional de Tiro al vuelo de Chile, Cita a asamblea General Extraordinaria, 4 Mayo 2026, Tabla: Apelación Sanción Deportista Rodrigo Flores, 19:00 Horas, vía Zoom. El directorio.

PUBLICACIÓN: 17-04-2026
